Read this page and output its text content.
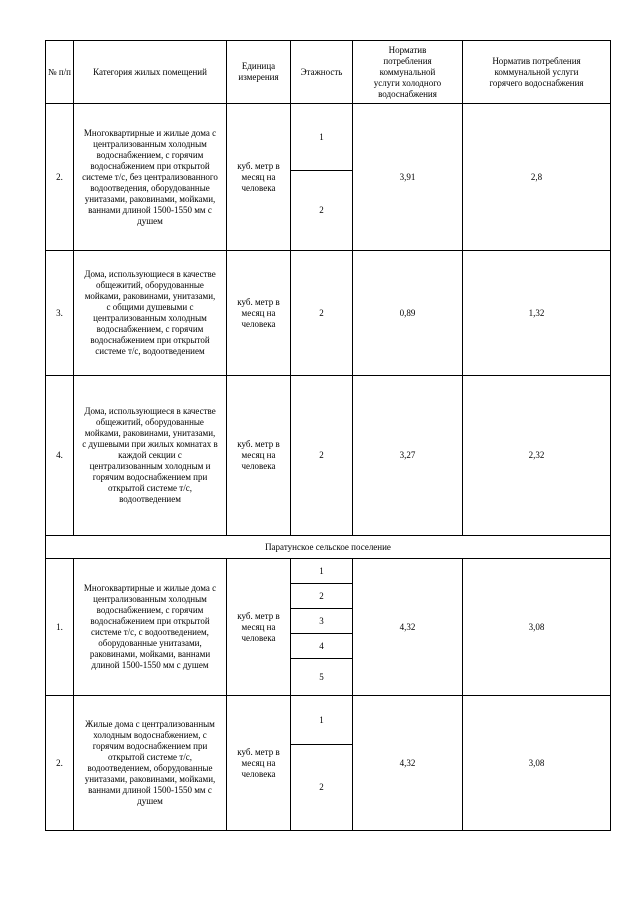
№ п/п	Категория жилых помещений	Единица измерения	Этажность	Норматив потребления коммунальной услуги холодного водоснабжения	Норматив потребления коммунальной услуги горячего водоснабжения
2.	Многоквартирные и жилые дома с централизованным холодным водоснабжением, с горячим водоснабжением при открытой системе т/с, без централизованного водоотведения, оборудованные унитазами, раковинами, мойками, ваннами длиной 1500-1550 мм с душем	куб. метр в месяц на человека	1	3,91	2,8
			2		
3.	Дома, использующиеся в качестве общежитий, оборудованные мойками, раковинами, унитазами, с общими душевыми с централизованным холодным водоснабжением, с горячим водоснабжением при открытой системе т/с, водоотведением	куб. метр в месяц на человека	2	0,89	1,32
4.	Дома, использующиеся в качестве общежитий, оборудованные мойками, раковинами, унитазами, с душевыми при жилых комнатах в каждой секции с централизованным холодным и горячим водоснабжением при открытой системе т/с, водоотведением	куб. метр в месяц на человека	2	3,27	2,32
Паратунское сельское поселение					
1.	Многоквартирные и жилые дома с централизованным холодным водоснабжением, с горячим водоснабжением при открытой системе т/с, с водоотведением, оборудованные унитазами, раковинами, мойками, ваннами длиной 1500-1550 мм с душем	куб. метр в месяц на человека	1	4,32	3,08
			2		
			3		
			4		
			5		
2.	Жилые дома с централизованным холодным водоснабжением, с горячим водоснабжением при открытой системе т/с, водоотведением, оборудованные унитазами, раковинами, мойками, ваннами длиной 1500-1550 мм с душем	куб. метр в месяц на человека	1	4,32	3,08
			2		
